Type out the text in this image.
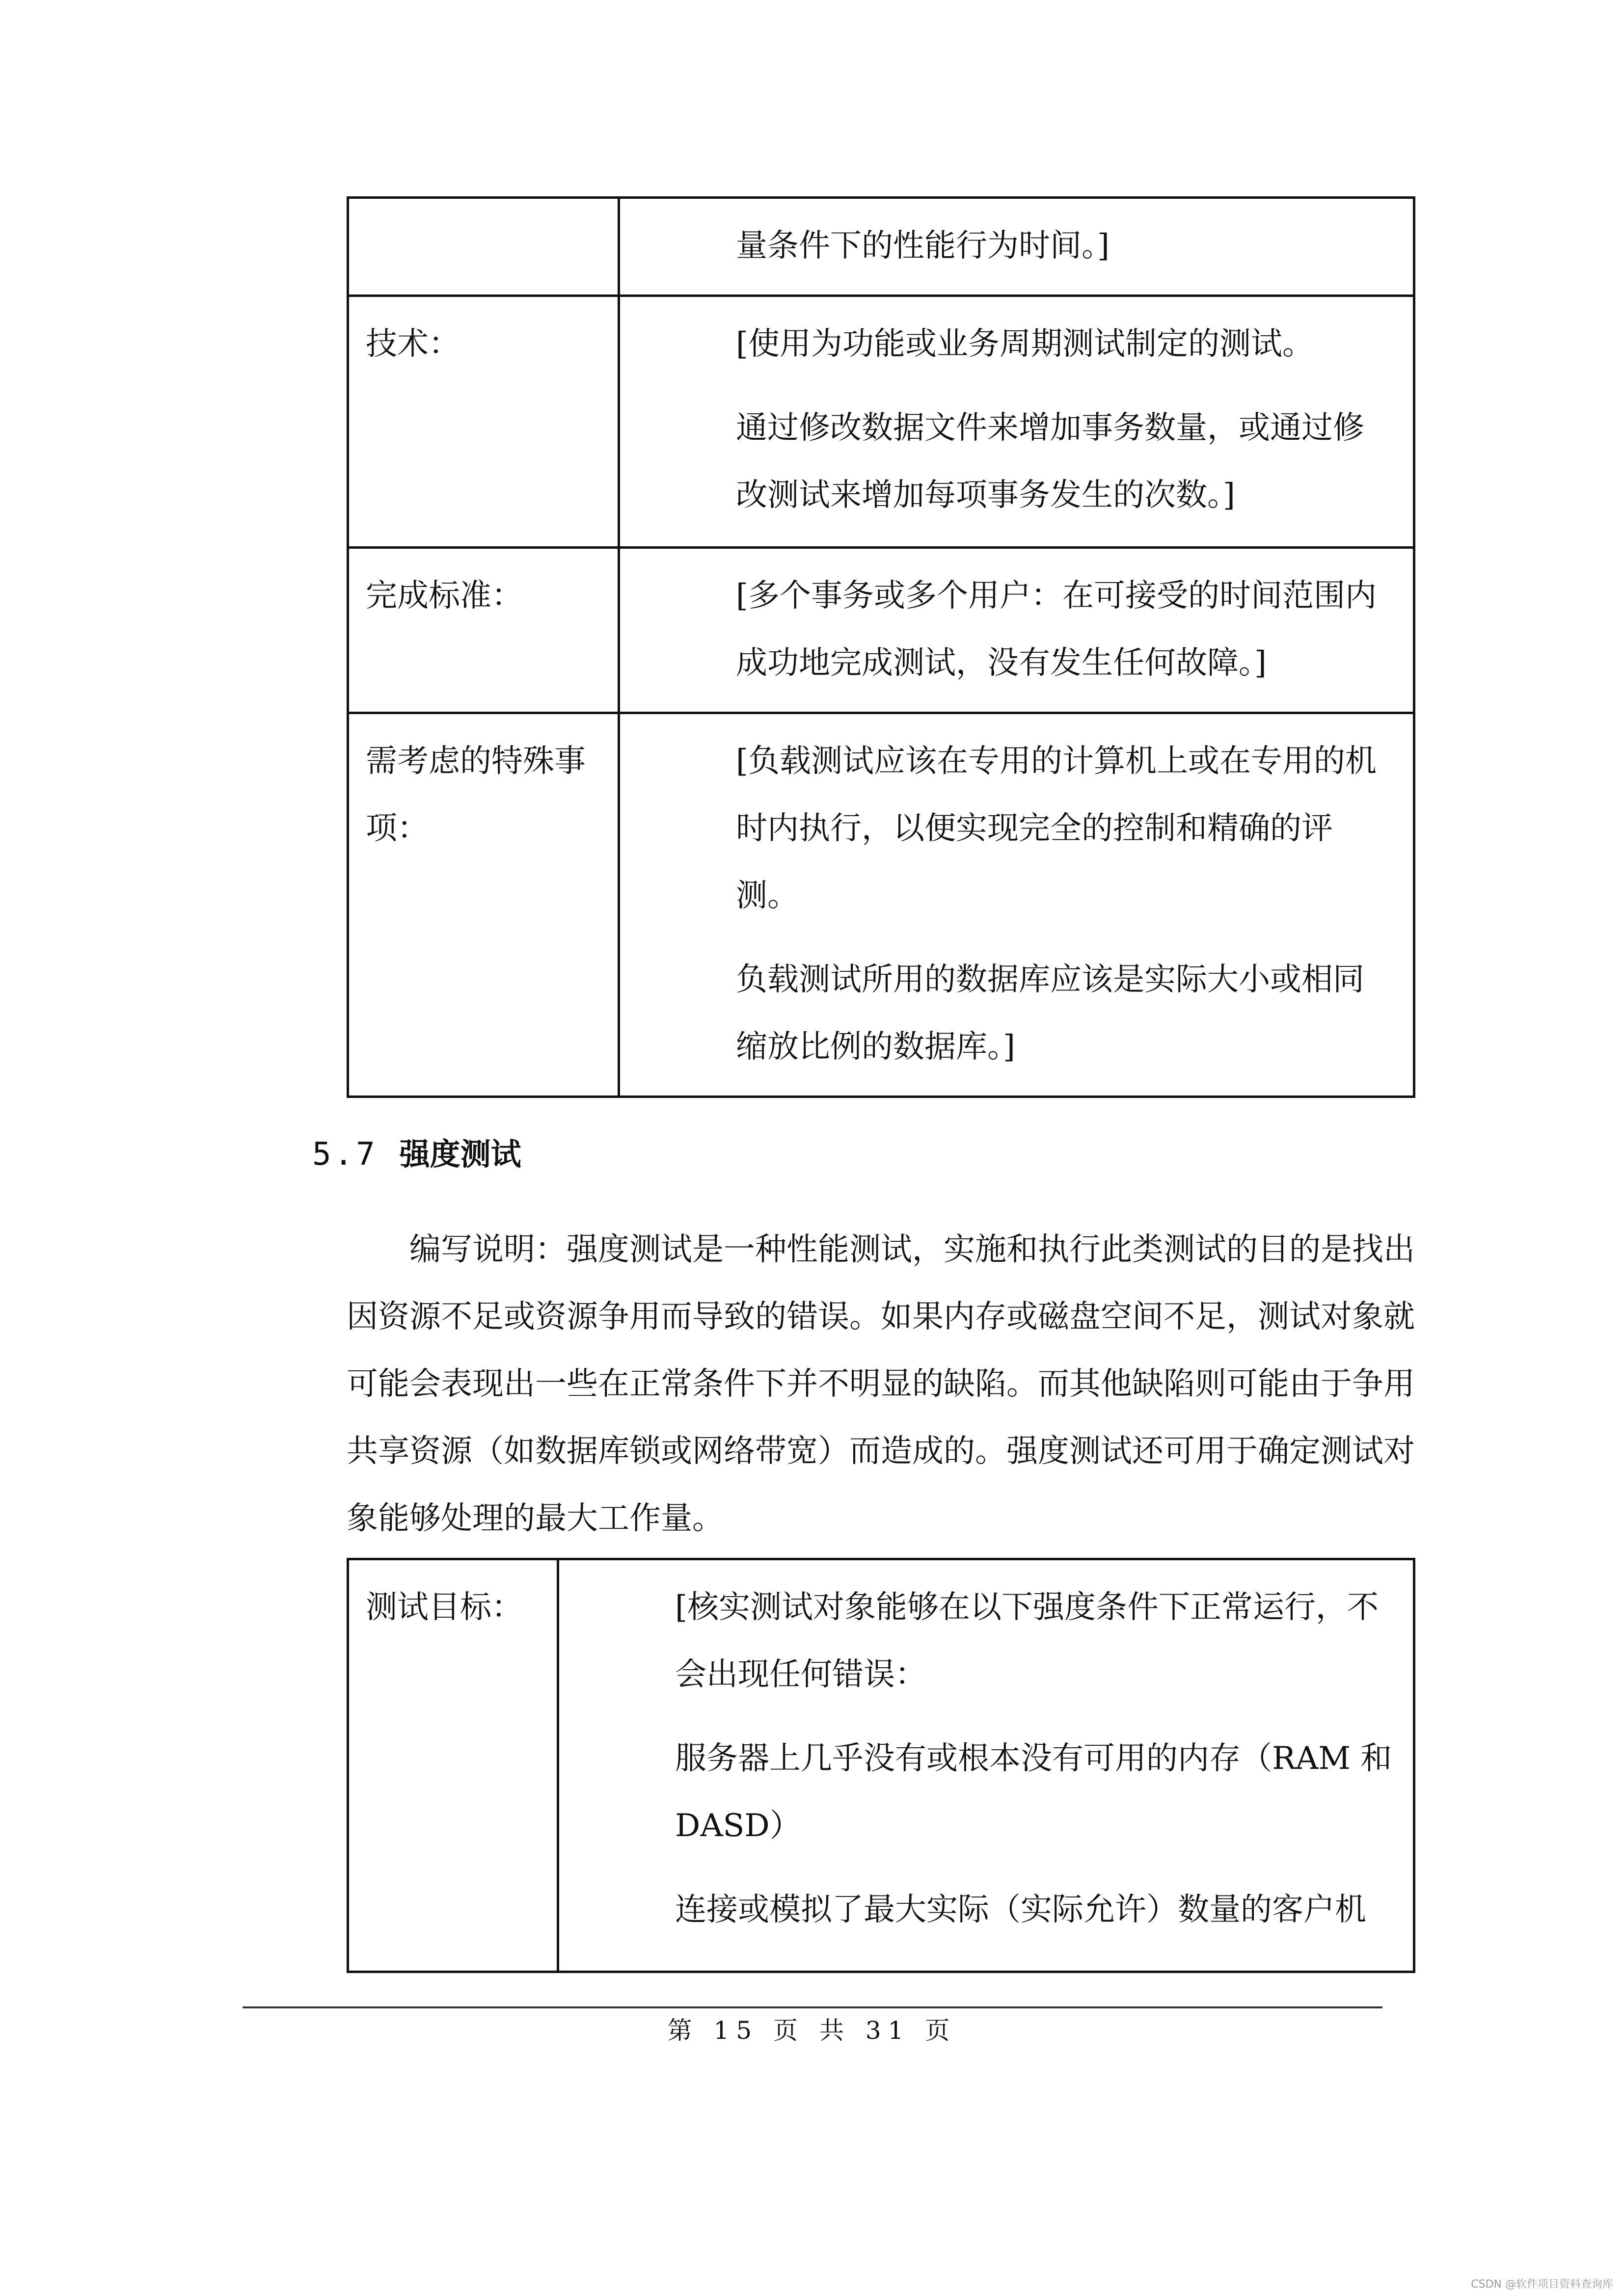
	量条件下的性能行为时间。]

技术：	[使用为功能或业务周期测试制定的测试。

通过修改数据文件来增加事务数量，或通过修改测试来增加每项事务发生的次数。]

完成标准：	[多个事务或多个用户：在可接受的时间范围内成功地完成测试，没有发生任何故障。]

需考虑的特殊事项：	[负载测试应该在专用的计算机上或在专用的机时内执行，以便实现完全的控制和精确的评测。

负载测试所用的数据库应该是实际大小或相同缩放比例的数据库。]

5.7 强度测试

编写说明：强度测试是一种性能测试，实施和执行此类测试的目的是找出因资源不足或资源争用而导致的错误。如果内存或磁盘空间不足，测试对象就可能会表现出一些在正常条件下并不明显的缺陷。而其他缺陷则可能由于争用共享资源（如数据库锁或网络带宽）而造成的。强度测试还可用于确定测试对象能够处理的最大工作量。

测试目标：	[核实测试对象能够在以下强度条件下正常运行，不会出现任何错误：

服务器上几乎没有或根本没有可用的内存（RAM 和 DASD）

连接或模拟了最大实际（实际允许）数量的客户机

第 15 页 共 31 页

CSDN @软件项目资料查询库
